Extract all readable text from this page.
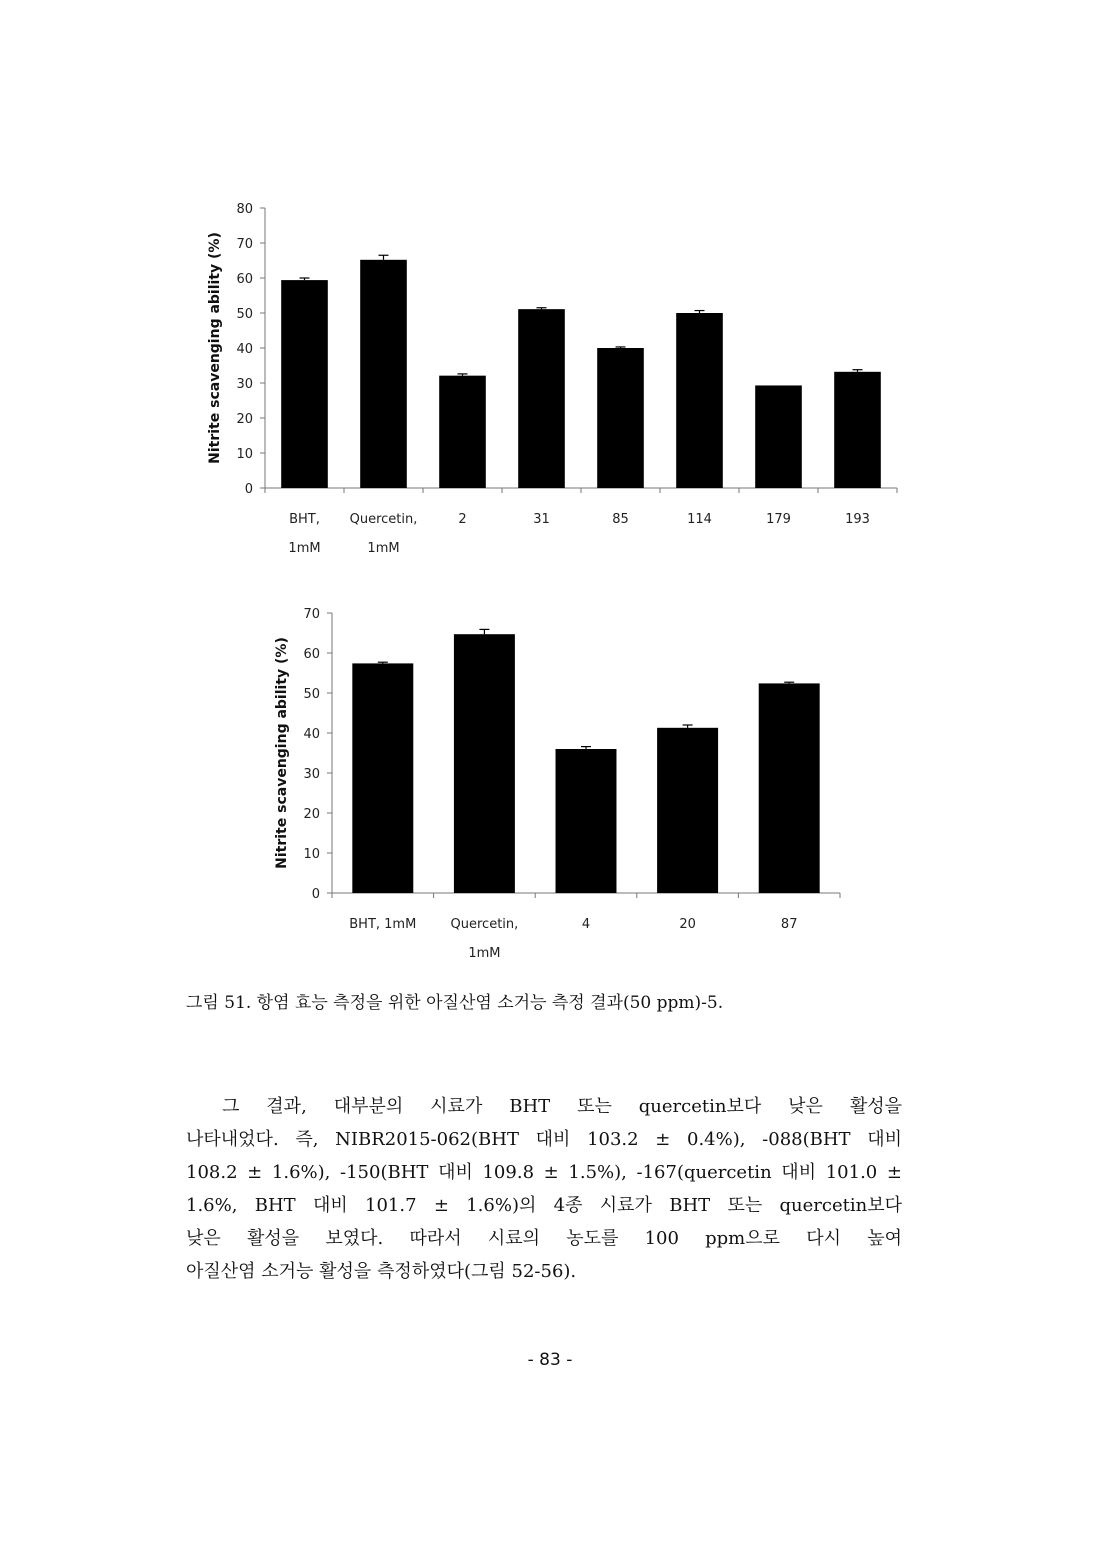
0
10
20
30
40
50
60
70
80
BHT,
1mM
Quercetin,
1mM
2	31	85	114	179	193
Nitrite scavenging ability (%)
0
10
20
30
40
50
60
70
BHT, 1mM	Quercetin,
1mM
4	20	87
Nitrite scavenging ability (%)
그림 51. 항염 효능 측정을 위한 아질산염 소거능 측정 결과(50 ppm)-5.

그 결과, 대부분의 시료가 BHT 또는 quercetin보다 낮은 활성을

나타내었다. 즉, NIBR2015-062(BHT 대비 103.2 ± 0.4%), -088(BHT 대비

108.2 ± 1.6%), -150(BHT 대비 109.8 ± 1.5%), -167(quercetin 대비 101.0 ±

1.6%, BHT 대비 101.7 ± 1.6%)의 4종 시료가 BHT 또는 quercetin보다

낮은 활성을 보였다. 따라서 시료의 농도를 100 ppm으로 다시 높여

아질산염 소거능 활성을 측정하였다(그림 52-56).

- 83 -
